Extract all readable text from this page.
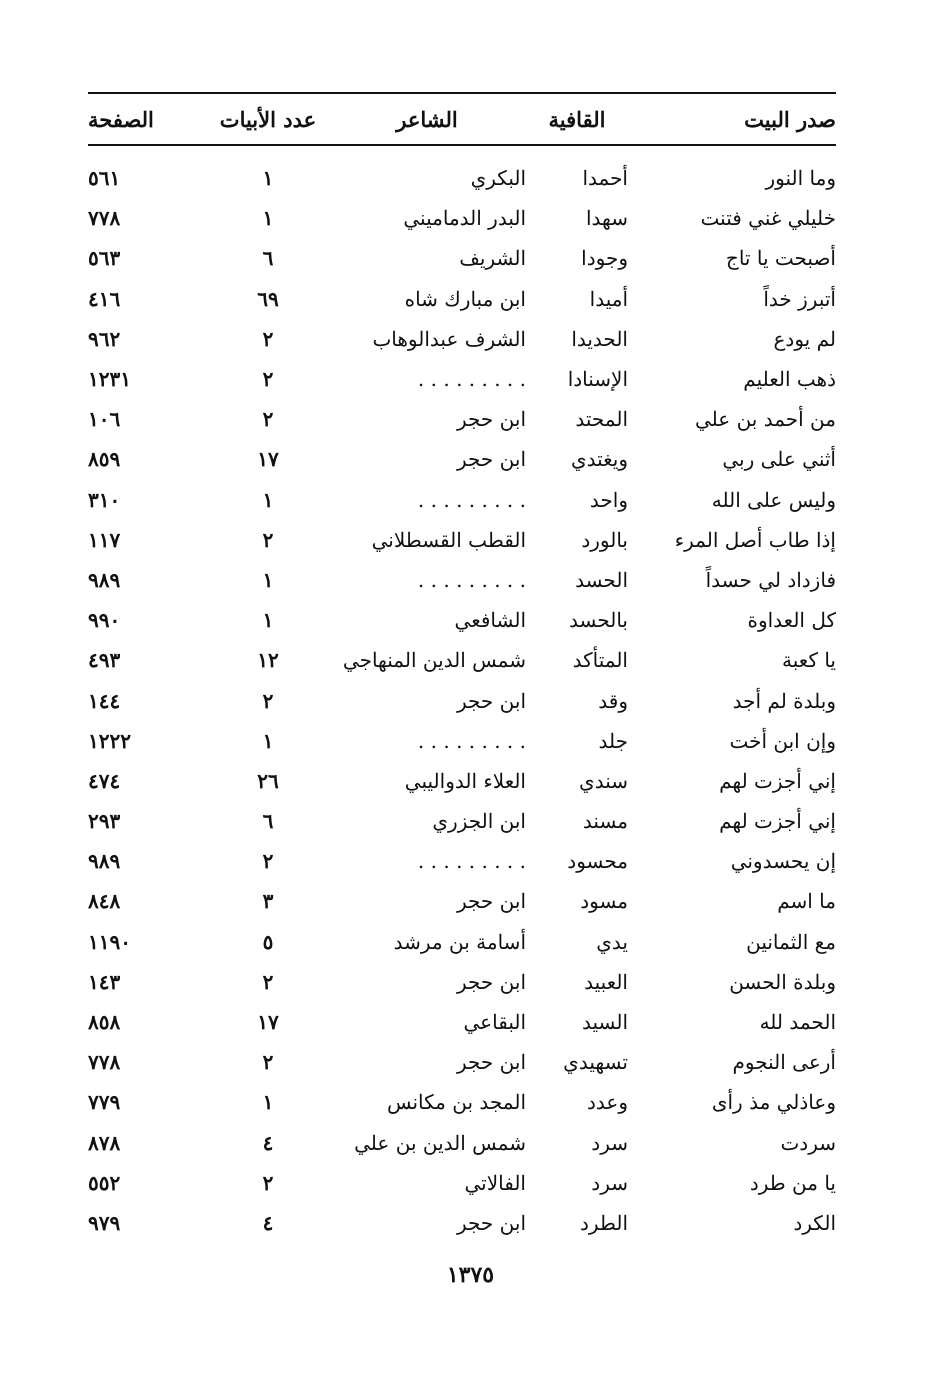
صدر البيت
القافية
الشاعر
عدد الأبيات
الصفحة
وما النور
أحمدا
البكري
١
٥٦١
خليلي غني فتنت
سهدا
البدر الدماميني
١
٧٧٨
أصبحت يا تاج
وجودا
الشريف
٦
٥٦٣
أتبرز خداً
أميدا
ابن مبارك شاه
٦٩
٤١٦
لم يودع
الحديدا
الشرف عبدالوهاب
٢
٩٦٢
ذهب العليم
الإسنادا
. . . . . . . . .
٢
١٢٣١
من أحمد بن علي
المحتد
ابن حجر
٢
١٠٦
أثني على ربي
ويغتدي
ابن حجر
١٧
٨٥٩
وليس على الله
واحد
. . . . . . . . .
١
٣١٠
إذا طاب أصل المرء
بالورد
القطب القسطلاني
٢
١١٧
فازداد لي حسداً
الحسد
. . . . . . . . .
١
٩٨٩
كل العداوة
بالحسد
الشافعي
١
٩٩٠
يا كعبة
المتأكد
شمس الدين المنهاجي
١٢
٤٩٣
وبلدة لم أجد
وقد
ابن حجر
٢
١٤٤
وإن ابن أخت
جلد
. . . . . . . . .
١
١٢٢٢
إني أجزت لهم
سندي
العلاء الدواليبي
٢٦
٤٧٤
إني أجزت لهم
مسند
ابن الجزري
٦
٢٩٣
إن يحسدوني
محسود
. . . . . . . . .
٢
٩٨٩
ما اسم
مسود
ابن حجر
٣
٨٤٨
مع الثمانين
يدي
أسامة بن مرشد
٥
١١٩٠
وبلدة الحسن
العبيد
ابن حجر
٢
١٤٣
الحمد لله
السيد
البقاعي
١٧
٨٥٨
أرعى النجوم
تسهيدي
ابن حجر
٢
٧٧٨
وعاذلي مذ رأى
وعدد
المجد بن مكانس
١
٧٧٩
سردت
سرد
شمس الدين بن علي
٤
٨٧٨
يا من طرد
سرد
الفالاتي
٢
٥٥٢
الكرد
الطرد
ابن حجر
٤
٩٧٩
١٣٧٥
